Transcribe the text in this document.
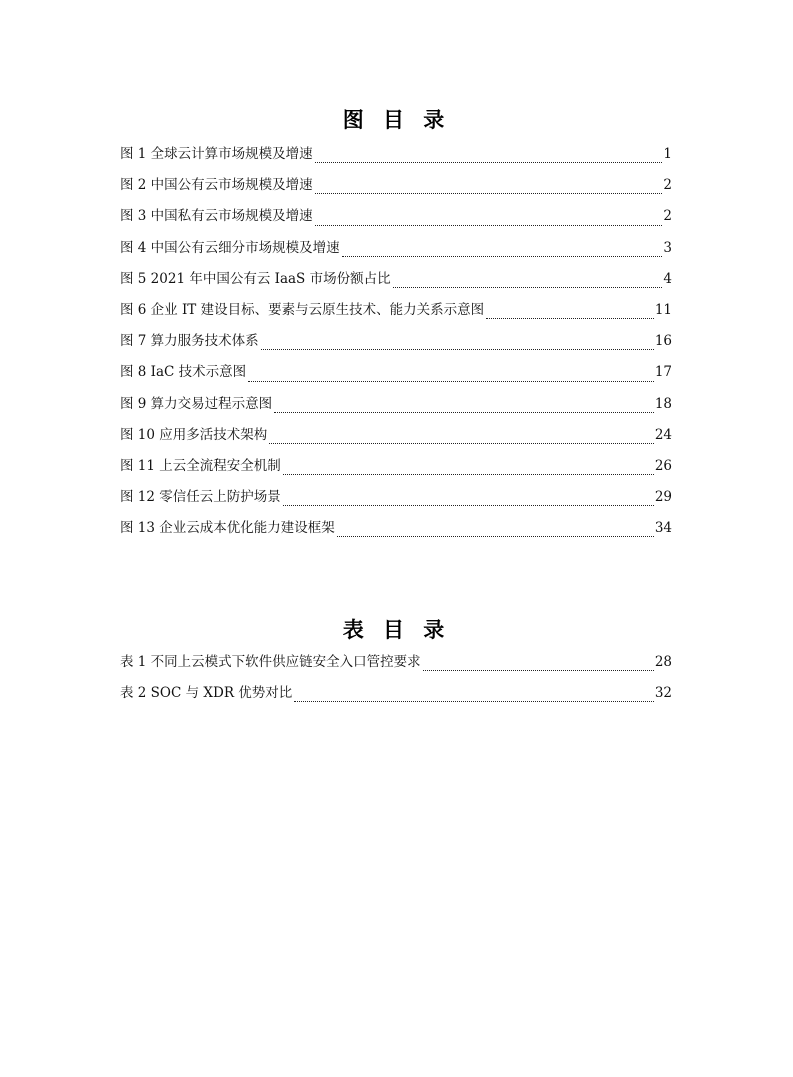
图 目 录
图 1 全球云计算市场规模及增速	1
图 2 中国公有云市场规模及增速	2
图 3 中国私有云市场规模及增速	2
图 4 中国公有云细分市场规模及增速	3
图 5 2021 年中国公有云 IaaS 市场份额占比	4
图 6 企业 IT 建设目标、要素与云原生技术、能力关系示意图	11
图 7 算力服务技术体系	16
图 8 IaC 技术示意图	17
图 9 算力交易过程示意图	18
图 10 应用多活技术架构	24
图 11 上云全流程安全机制	26
图 12 零信任云上防护场景	29
图 13 企业云成本优化能力建设框架	34
表 目 录
表 1 不同上云模式下软件供应链安全入口管控要求	28
表 2 SOC 与 XDR 优势对比	32
